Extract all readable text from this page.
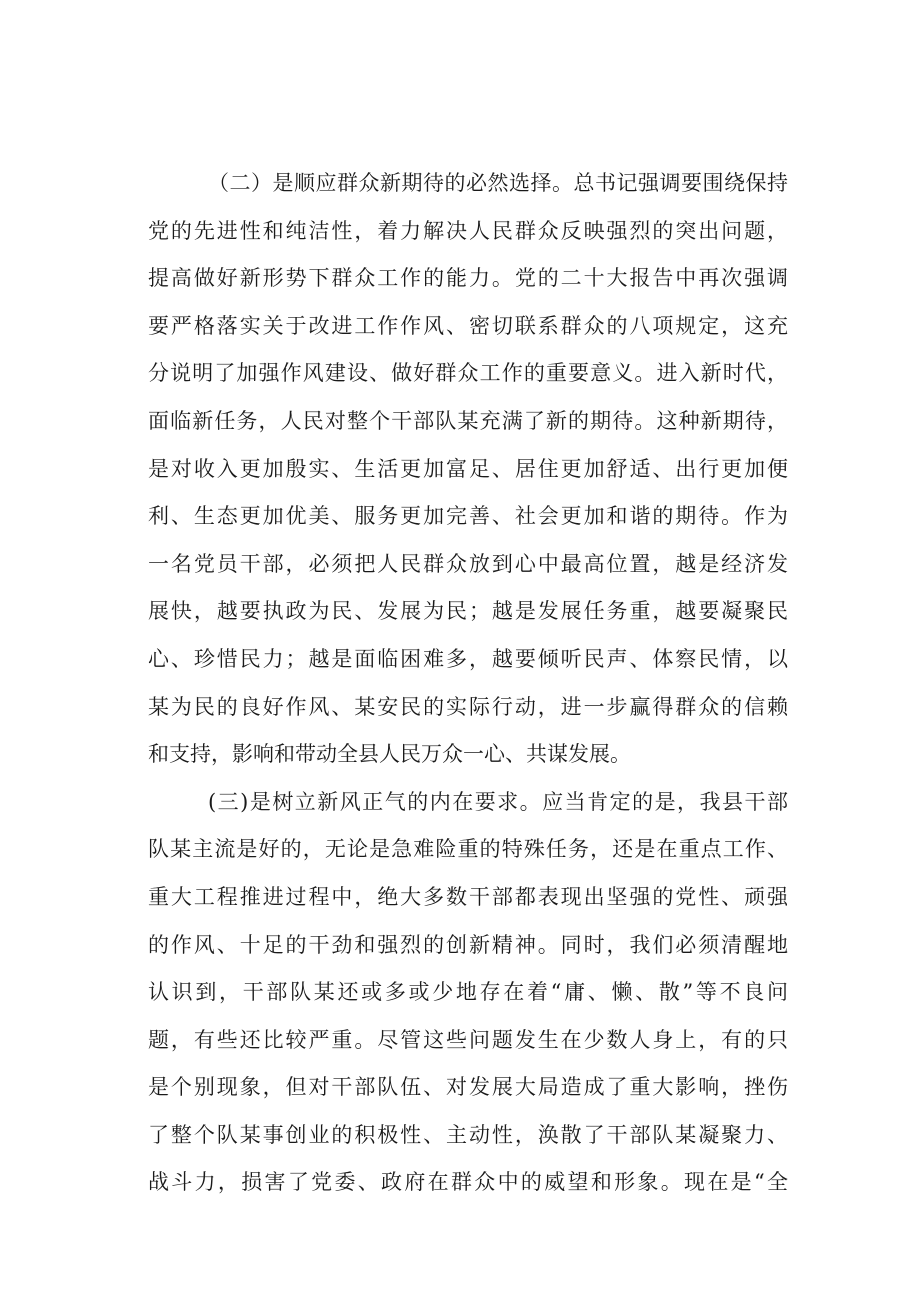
（二）是顺应群众新期待的必然选择。总书记强调要围绕保持
党的先进性和纯洁性，着力解决人民群众反映强烈的突出问题，
提高做好新形势下群众工作的能力。党的二十大报告中再次强调
要严格落实关于改进工作作风、密切联系群众的八项规定，这充
分说明了加强作风建设、做好群众工作的重要意义。进入新时代，
面临新任务，人民对整个干部队某充满了新的期待。这种新期待，
是对收入更加殷实、生活更加富足、居住更加舒适、出行更加便
利、生态更加优美、服务更加完善、社会更加和谐的期待。作为
一名党员干部，必须把人民群众放到心中最高位置，越是经济发
展快，越要执政为民、发展为民；越是发展任务重，越要凝聚民
心、珍惜民力；越是面临困难多，越要倾听民声、体察民情，以
某为民的良好作风、某安民的实际行动，进一步赢得群众的信赖
和支持，影响和带动全县人民万众一心、共谋发展。
(三)是树立新风正气的内在要求。应当肯定的是，我县干部
队某主流是好的，无论是急难险重的特殊任务，还是在重点工作、
重大工程推进过程中，绝大多数干部都表现出坚强的党性、顽强
的作风、十足的干劲和强烈的创新精神。同时，我们必须清醒地
认识到，干部队某还或多或少地存在着“庸、懒、散”等不良问
题，有些还比较严重。尽管这些问题发生在少数人身上，有的只
是个别现象，但对干部队伍、对发展大局造成了重大影响，挫伤
了整个队某事创业的积极性、主动性，涣散了干部队某凝聚力、
战斗力，损害了党委、政府在群众中的威望和形象。现在是“全
